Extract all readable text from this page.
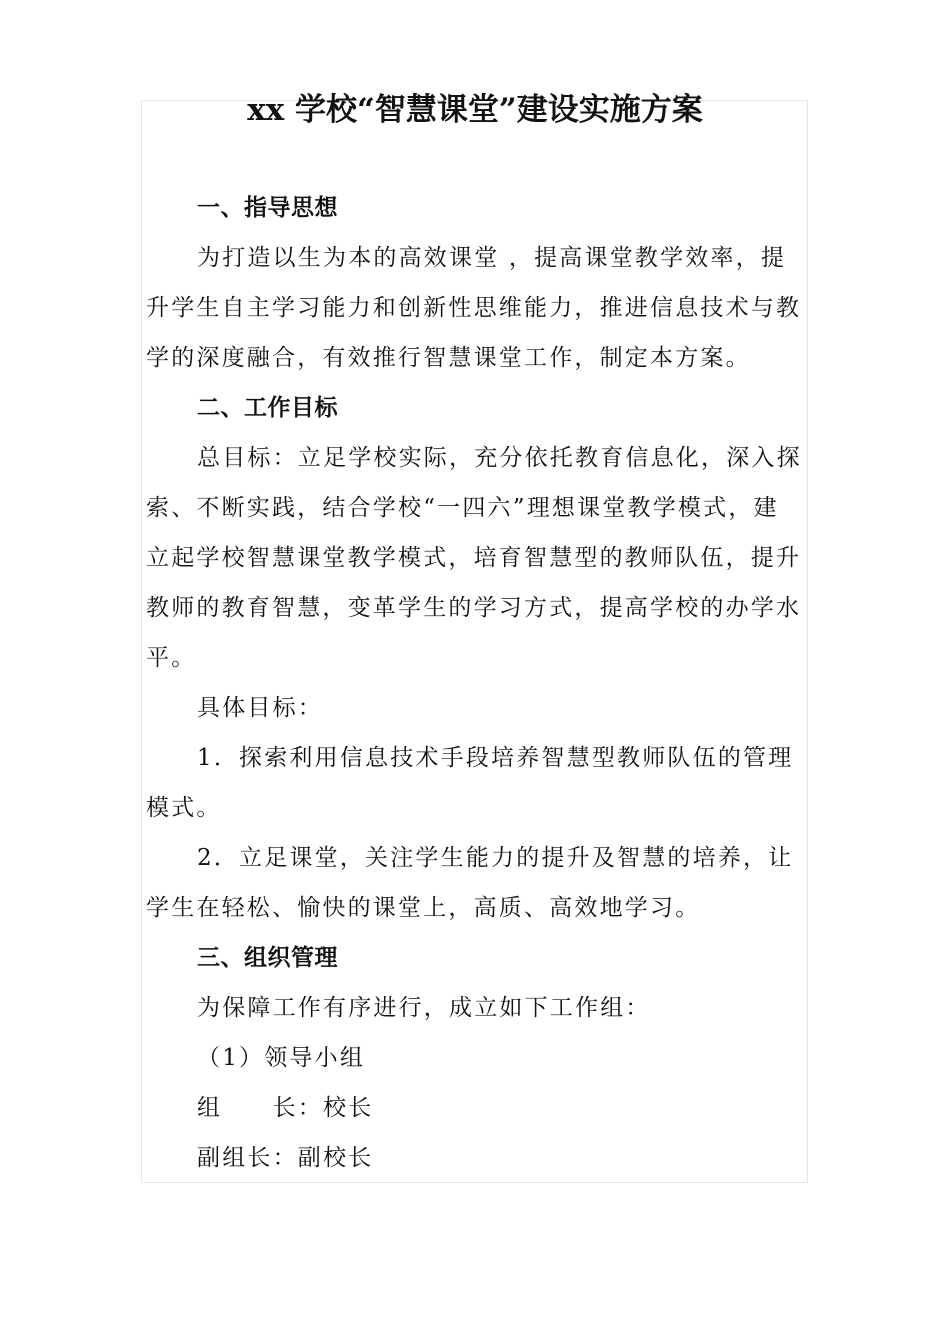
xx 学校“智慧课堂”建设实施方案

一、指导思想

为打造以生为本的高效课堂 ，提高课堂教学效率，提

升学生自主学习能力和创新性思维能力，推进信息技术与教

学的深度融合，有效推行智慧课堂工作，制定本方案。

二、工作目标

总目标：立足学校实际，充分依托教育信息化，深入探

索、不断实践，结合学校“一四六”理想课堂教学模式，建

立起学校智慧课堂教学模式，培育智慧型的教师队伍，提升

教师的教育智慧，变革学生的学习方式，提高学校的办学水

平。

具体目标：

1．探索利用信息技术手段培养智慧型教师队伍的管理

模式。

2．立足课堂，关注学生能力的提升及智慧的培养，让

学生在轻松、愉快的课堂上，高质、高效地学习。

三、组织管理

为保障工作有序进行，成立如下工作组：

（1）领导小组

组　　长：校长

副组长：副校长
